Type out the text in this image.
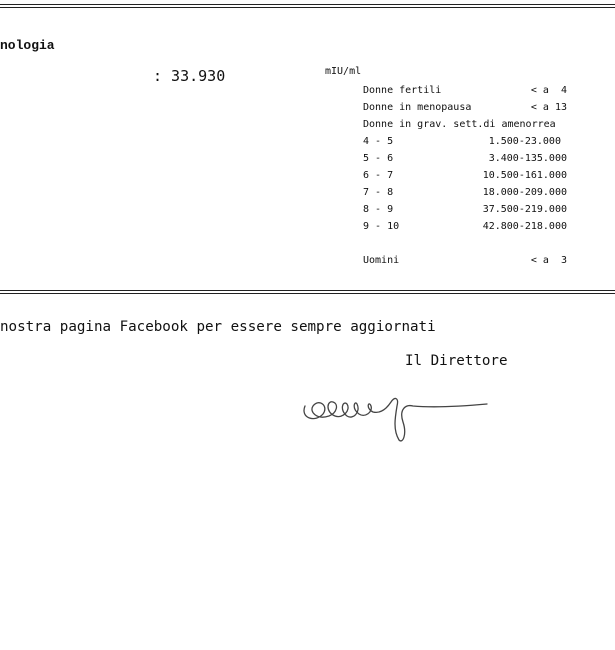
nologia
: 33.930	mIU/ml
Donne fertili	< a  4
Donne in menopausa	< a 13
Donne in grav. sett.di amenorrea
4 - 5	1.500-23.000
5 - 6	3.400-135.000
6 - 7	10.500-161.000
7 - 8	18.000-209.000
8 - 9	37.500-219.000
9 - 10	42.800-218.000
Uomini	< a  3
nostra pagina Facebook per essere sempre aggiornati
Il Direttore
